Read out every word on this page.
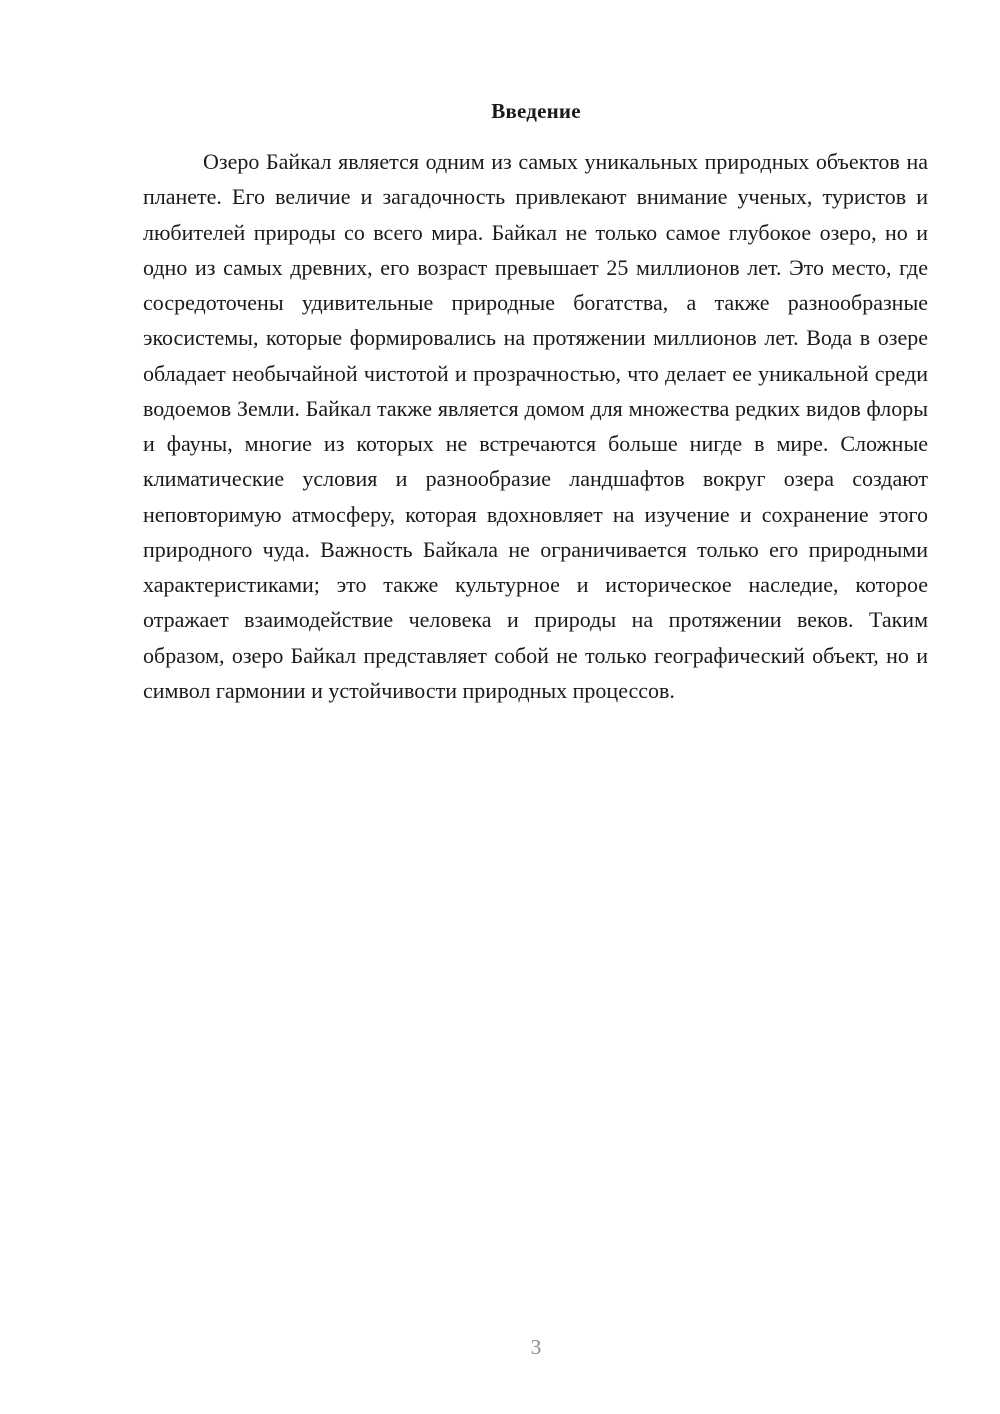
Введение

Озеро Байкал является одним из самых уникальных природных объектов на планете. Его величие и загадочность привлекают внимание ученых, туристов и любителей природы со всего мира. Байкал не только самое глубокое озеро, но и одно из самых древних, его возраст превышает 25 миллионов лет. Это место, где сосредоточены удивительные природные богатства, а также разнообразные экосистемы, которые формировались на протяжении миллионов лет. Вода в озере обладает необычайной чистотой и прозрачностью, что делает ее уникальной среди водоемов Земли. Байкал также является домом для множества редких видов флоры и фауны, многие из которых не встречаются больше нигде в мире. Сложные климатические условия и разнообразие ландшафтов вокруг озера создают неповторимую атмосферу, которая вдохновляет на изучение и сохранение этого природного чуда. Важность Байкала не ограничивается только его природными характеристиками; это также культурное и историческое наследие, которое отражает взаимодействие человека и природы на протяжении веков. Таким образом, озеро Байкал представляет собой не только географический объект, но и символ гармонии и устойчивости природных процессов.

3
